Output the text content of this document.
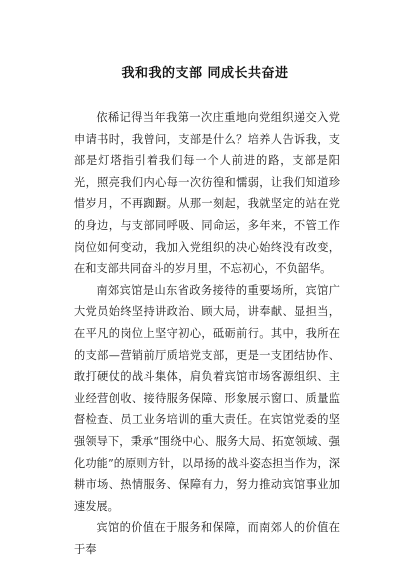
我和我的支部 同成长共奋进

依稀记得当年我第一次庄重地向党组织递交入党申请书时，我曾问，支部是什么？培养人告诉我，支部是灯塔指引着我们每一个人前进的路，支部是阳光，照亮我们内心每一次彷徨和懦弱，让我们知道珍惜岁月，不再踟蹰。从那一刻起，我就坚定的站在党的身边，与支部同呼吸、同命运，多年来，不管工作岗位如何变动，我加入党组织的决心始终没有改变，在和支部共同奋斗的岁月里，不忘初心，不负韶华。

南郊宾馆是山东省政务接待的重要场所，宾馆广大党员始终坚持讲政治、顾大局，讲奉献、显担当，在平凡的岗位上坚守初心，砥砺前行。其中，我所在的支部—营销前厅质培党支部，更是一支团结协作、敢打硬仗的战斗集体，肩负着宾馆市场客源组织、主业经营创收、接待服务保障、形象展示窗口、质量监督检查、员工业务培训的重大责任。在宾馆党委的坚强领导下，秉承“围绕中心、服务大局、拓宽领域、强化功能”的原则方针，以昂扬的战斗姿态担当作为，深耕市场、热情服务、保障有力，努力推动宾馆事业加速发展。

宾馆的价值在于服务和保障，而南郊人的价值在于奉
